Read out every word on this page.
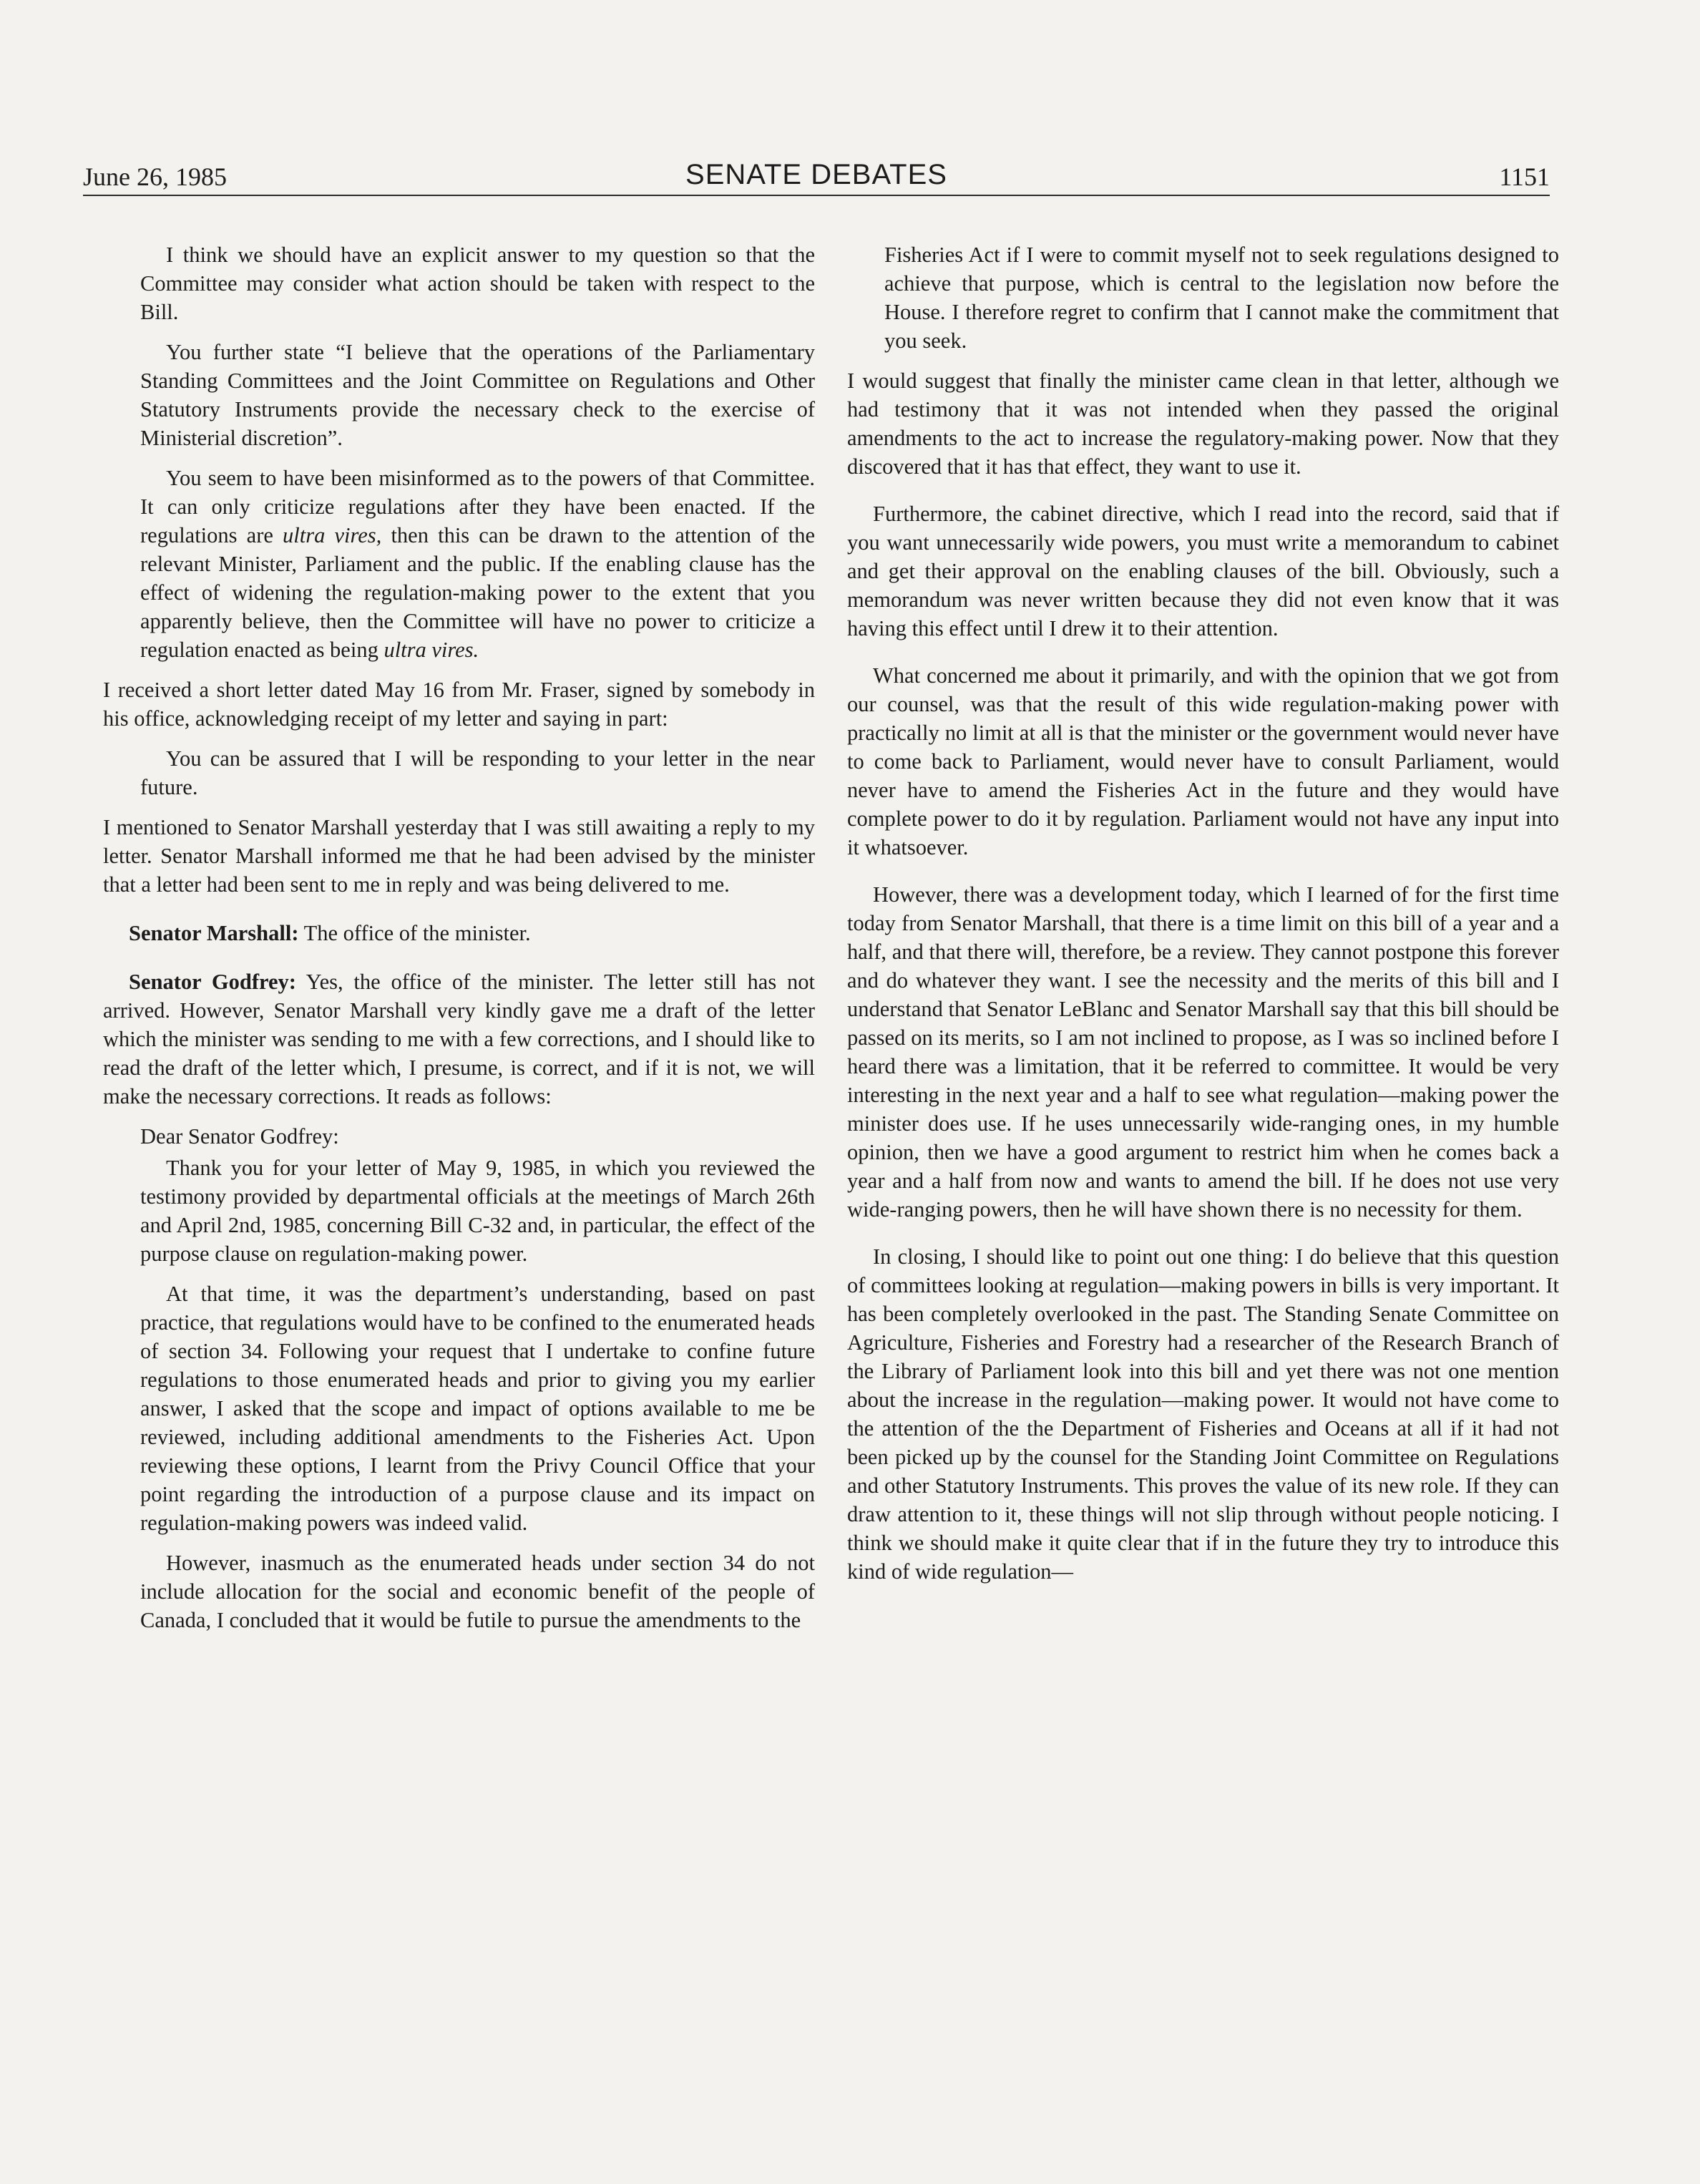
June 26, 1985	SENATE DEBATES	1151

I think we should have an explicit answer to my question so that the Committee may consider what action should be taken with respect to the Bill.

You further state “I believe that the operations of the Parliamentary Standing Committees and the Joint Committee on Regulations and Other Statutory Instruments provide the necessary check to the exercise of Ministerial discretion”.

You seem to have been misinformed as to the powers of that Committee. It can only criticize regulations after they have been enacted. If the regulations are ultra vires, then this can be drawn to the attention of the relevant Minister, Parliament and the public. If the enabling clause has the effect of widening the regulation-making power to the extent that you apparently believe, then the Committee will have no power to criticize a regulation enacted as being ultra vires.

I received a short letter dated May 16 from Mr. Fraser, signed by somebody in his office, acknowledging receipt of my letter and saying in part:

You can be assured that I will be responding to your letter in the near future.

I mentioned to Senator Marshall yesterday that I was still awaiting a reply to my letter. Senator Marshall informed me that he had been advised by the minister that a letter had been sent to me in reply and was being delivered to me.

Senator Marshall: The office of the minister.

Senator Godfrey: Yes, the office of the minister. The letter still has not arrived. However, Senator Marshall very kindly gave me a draft of the letter which the minister was sending to me with a few corrections, and I should like to read the draft of the letter which, I presume, is correct, and if it is not, we will make the necessary corrections. It reads as follows:

Dear Senator Godfrey:

Thank you for your letter of May 9, 1985, in which you reviewed the testimony provided by departmental officials at the meetings of March 26th and April 2nd, 1985, concerning Bill C-32 and, in particular, the effect of the purpose clause on regulation-making power.

At that time, it was the department’s understanding, based on past practice, that regulations would have to be confined to the enumerated heads of section 34. Following your request that I undertake to confine future regulations to those enumerated heads and prior to giving you my earlier answer, I asked that the scope and impact of options available to me be reviewed, including additional amendments to the Fisheries Act. Upon reviewing these options, I learnt from the Privy Council Office that your point regarding the introduction of a purpose clause and its impact on regulation-making powers was indeed valid.

However, inasmuch as the enumerated heads under section 34 do not include allocation for the social and economic benefit of the people of Canada, I concluded that it would be futile to pursue the amendments to the

Fisheries Act if I were to commit myself not to seek regulations designed to achieve that purpose, which is central to the legislation now before the House. I therefore regret to confirm that I cannot make the commitment that you seek.

I would suggest that finally the minister came clean in that letter, although we had testimony that it was not intended when they passed the original amendments to the act to increase the regulatory-making power. Now that they discovered that it has that effect, they want to use it.

Furthermore, the cabinet directive, which I read into the record, said that if you want unnecessarily wide powers, you must write a memorandum to cabinet and get their approval on the enabling clauses of the bill. Obviously, such a memorandum was never written because they did not even know that it was having this effect until I drew it to their attention.

What concerned me about it primarily, and with the opinion that we got from our counsel, was that the result of this wide regulation-making power with practically no limit at all is that the minister or the government would never have to come back to Parliament, would never have to consult Parliament, would never have to amend the Fisheries Act in the future and they would have complete power to do it by regulation. Parliament would not have any input into it whatsoever.

However, there was a development today, which I learned of for the first time today from Senator Marshall, that there is a time limit on this bill of a year and a half, and that there will, therefore, be a review. They cannot postpone this forever and do whatever they want. I see the necessity and the merits of this bill and I understand that Senator LeBlanc and Senator Marshall say that this bill should be passed on its merits, so I am not inclined to propose, as I was so inclined before I heard there was a limitation, that it be referred to committee. It would be very interesting in the next year and a half to see what regulation—making power the minister does use. If he uses unnecessarily wide-ranging ones, in my humble opinion, then we have a good argument to restrict him when he comes back a year and a half from now and wants to amend the bill. If he does not use very wide-ranging powers, then he will have shown there is no necessity for them.

In closing, I should like to point out one thing: I do believe that this question of committees looking at regulation—making powers in bills is very important. It has been completely overlooked in the past. The Standing Senate Committee on Agriculture, Fisheries and Forestry had a researcher of the Research Branch of the Library of Parliament look into this bill and yet there was not one mention about the increase in the regulation—making power. It would not have come to the attention of the the Department of Fisheries and Oceans at all if it had not been picked up by the counsel for the Standing Joint Committee on Regulations and other Statutory Instruments. This proves the value of its new role. If they can draw attention to it, these things will not slip through without people noticing. I think we should make it quite clear that if in the future they try to introduce this kind of wide regulation—
